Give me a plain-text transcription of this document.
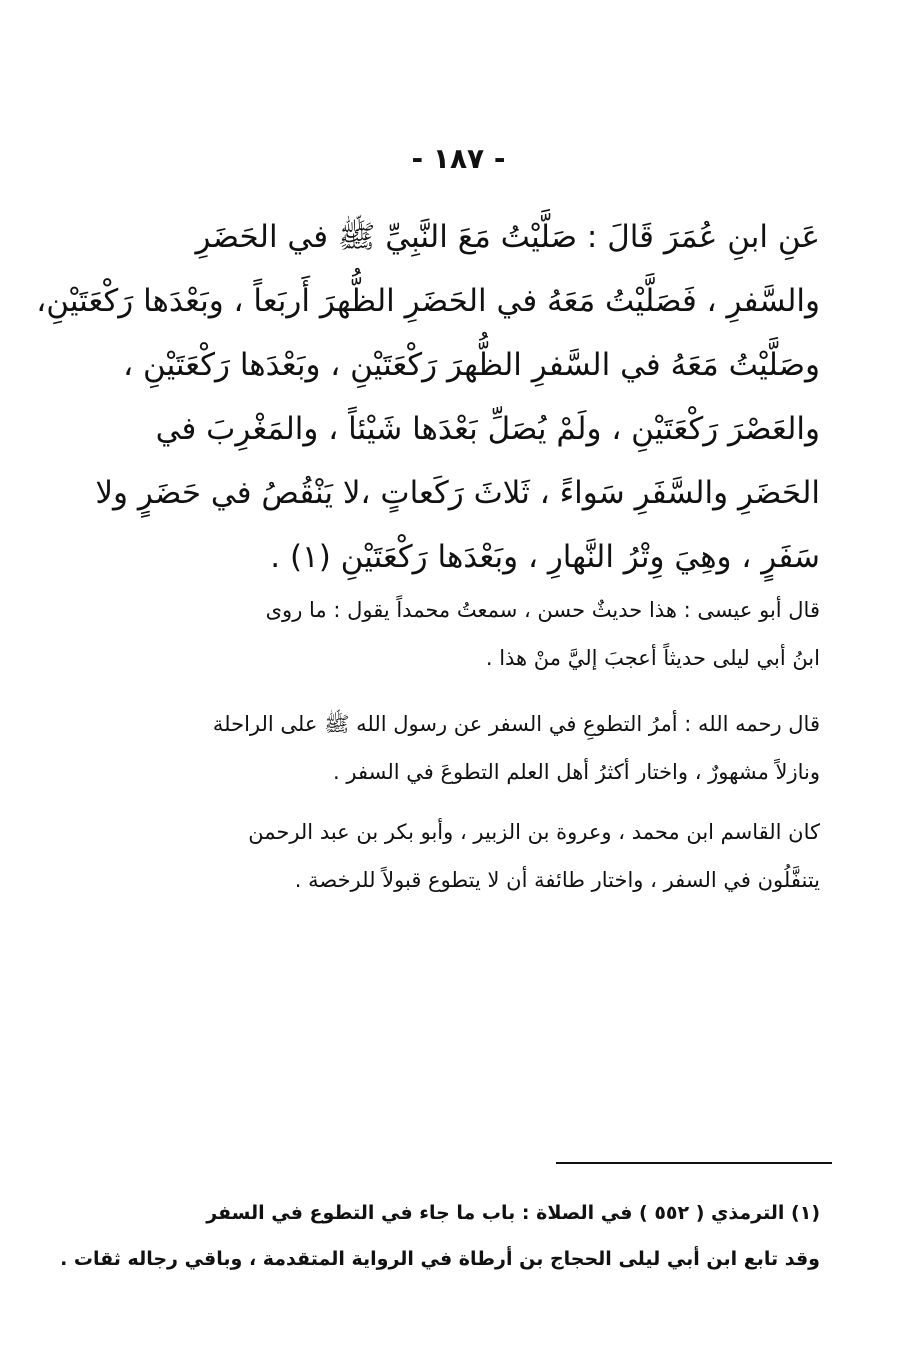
- ١٨٧ -
عَنِ ابنِ عُمَرَ قَالَ : صَلَّيْتُ مَعَ النَّبِيِّ ﷺ في الحَضَرِ
والسَّفرِ ، فَصَلَّيْتُ مَعَهُ في الحَضَرِ الظُّهرَ أَربَعاً ، وبَعْدَها رَكْعَتَيْنِ،
وصَلَّيْتُ مَعَهُ في السَّفرِ الظُّهرَ رَكْعَتَيْنِ ، وبَعْدَها رَكْعَتَيْنِ ،
والعَصْرَ رَكْعَتَيْنِ ، ولَمْ يُصَلِّ بَعْدَها شَيْئاً ، والمَغْرِبَ في
الحَضَرِ والسَّفَرِ سَواءً ، ثَلاثَ رَكَعاتٍ ،لا يَنْقُصُ في حَضَرٍ ولا
سَفَرٍ ، وهِيَ وِتْرُ النَّهارِ ، وبَعْدَها رَكْعَتَيْنِ (١) .
قال أبو عيسى : هذا حديثٌ حسن ، سمعتُ محمداً يقول : ما روى
ابنُ أبي ليلى حديثاً أعجبَ إليَّ منْ هذا .
قال رحمه الله : أمرُ التطوعِ في السفر عن رسول الله ﷺ على الراحلة
ونازلاً مشهورٌ ، واختار أكثرُ أهل العلم التطوعَ في السفر .
كان القاسم ابن محمد ، وعروة بن الزبير ، وأبو بكر بن عبد الرحمن
يتنفَّلُون في السفر ، واختار طائفة أن لا يتطوع قبولاً للرخصة .
(١) الترمذي ( ٥٥٢ ) في الصلاة : باب ما جاء في التطوع في السفر
وقد تابع ابن أبي ليلى الحجاج بن أرطاة في الرواية المتقدمة ، وباقي رجاله ثقات .
